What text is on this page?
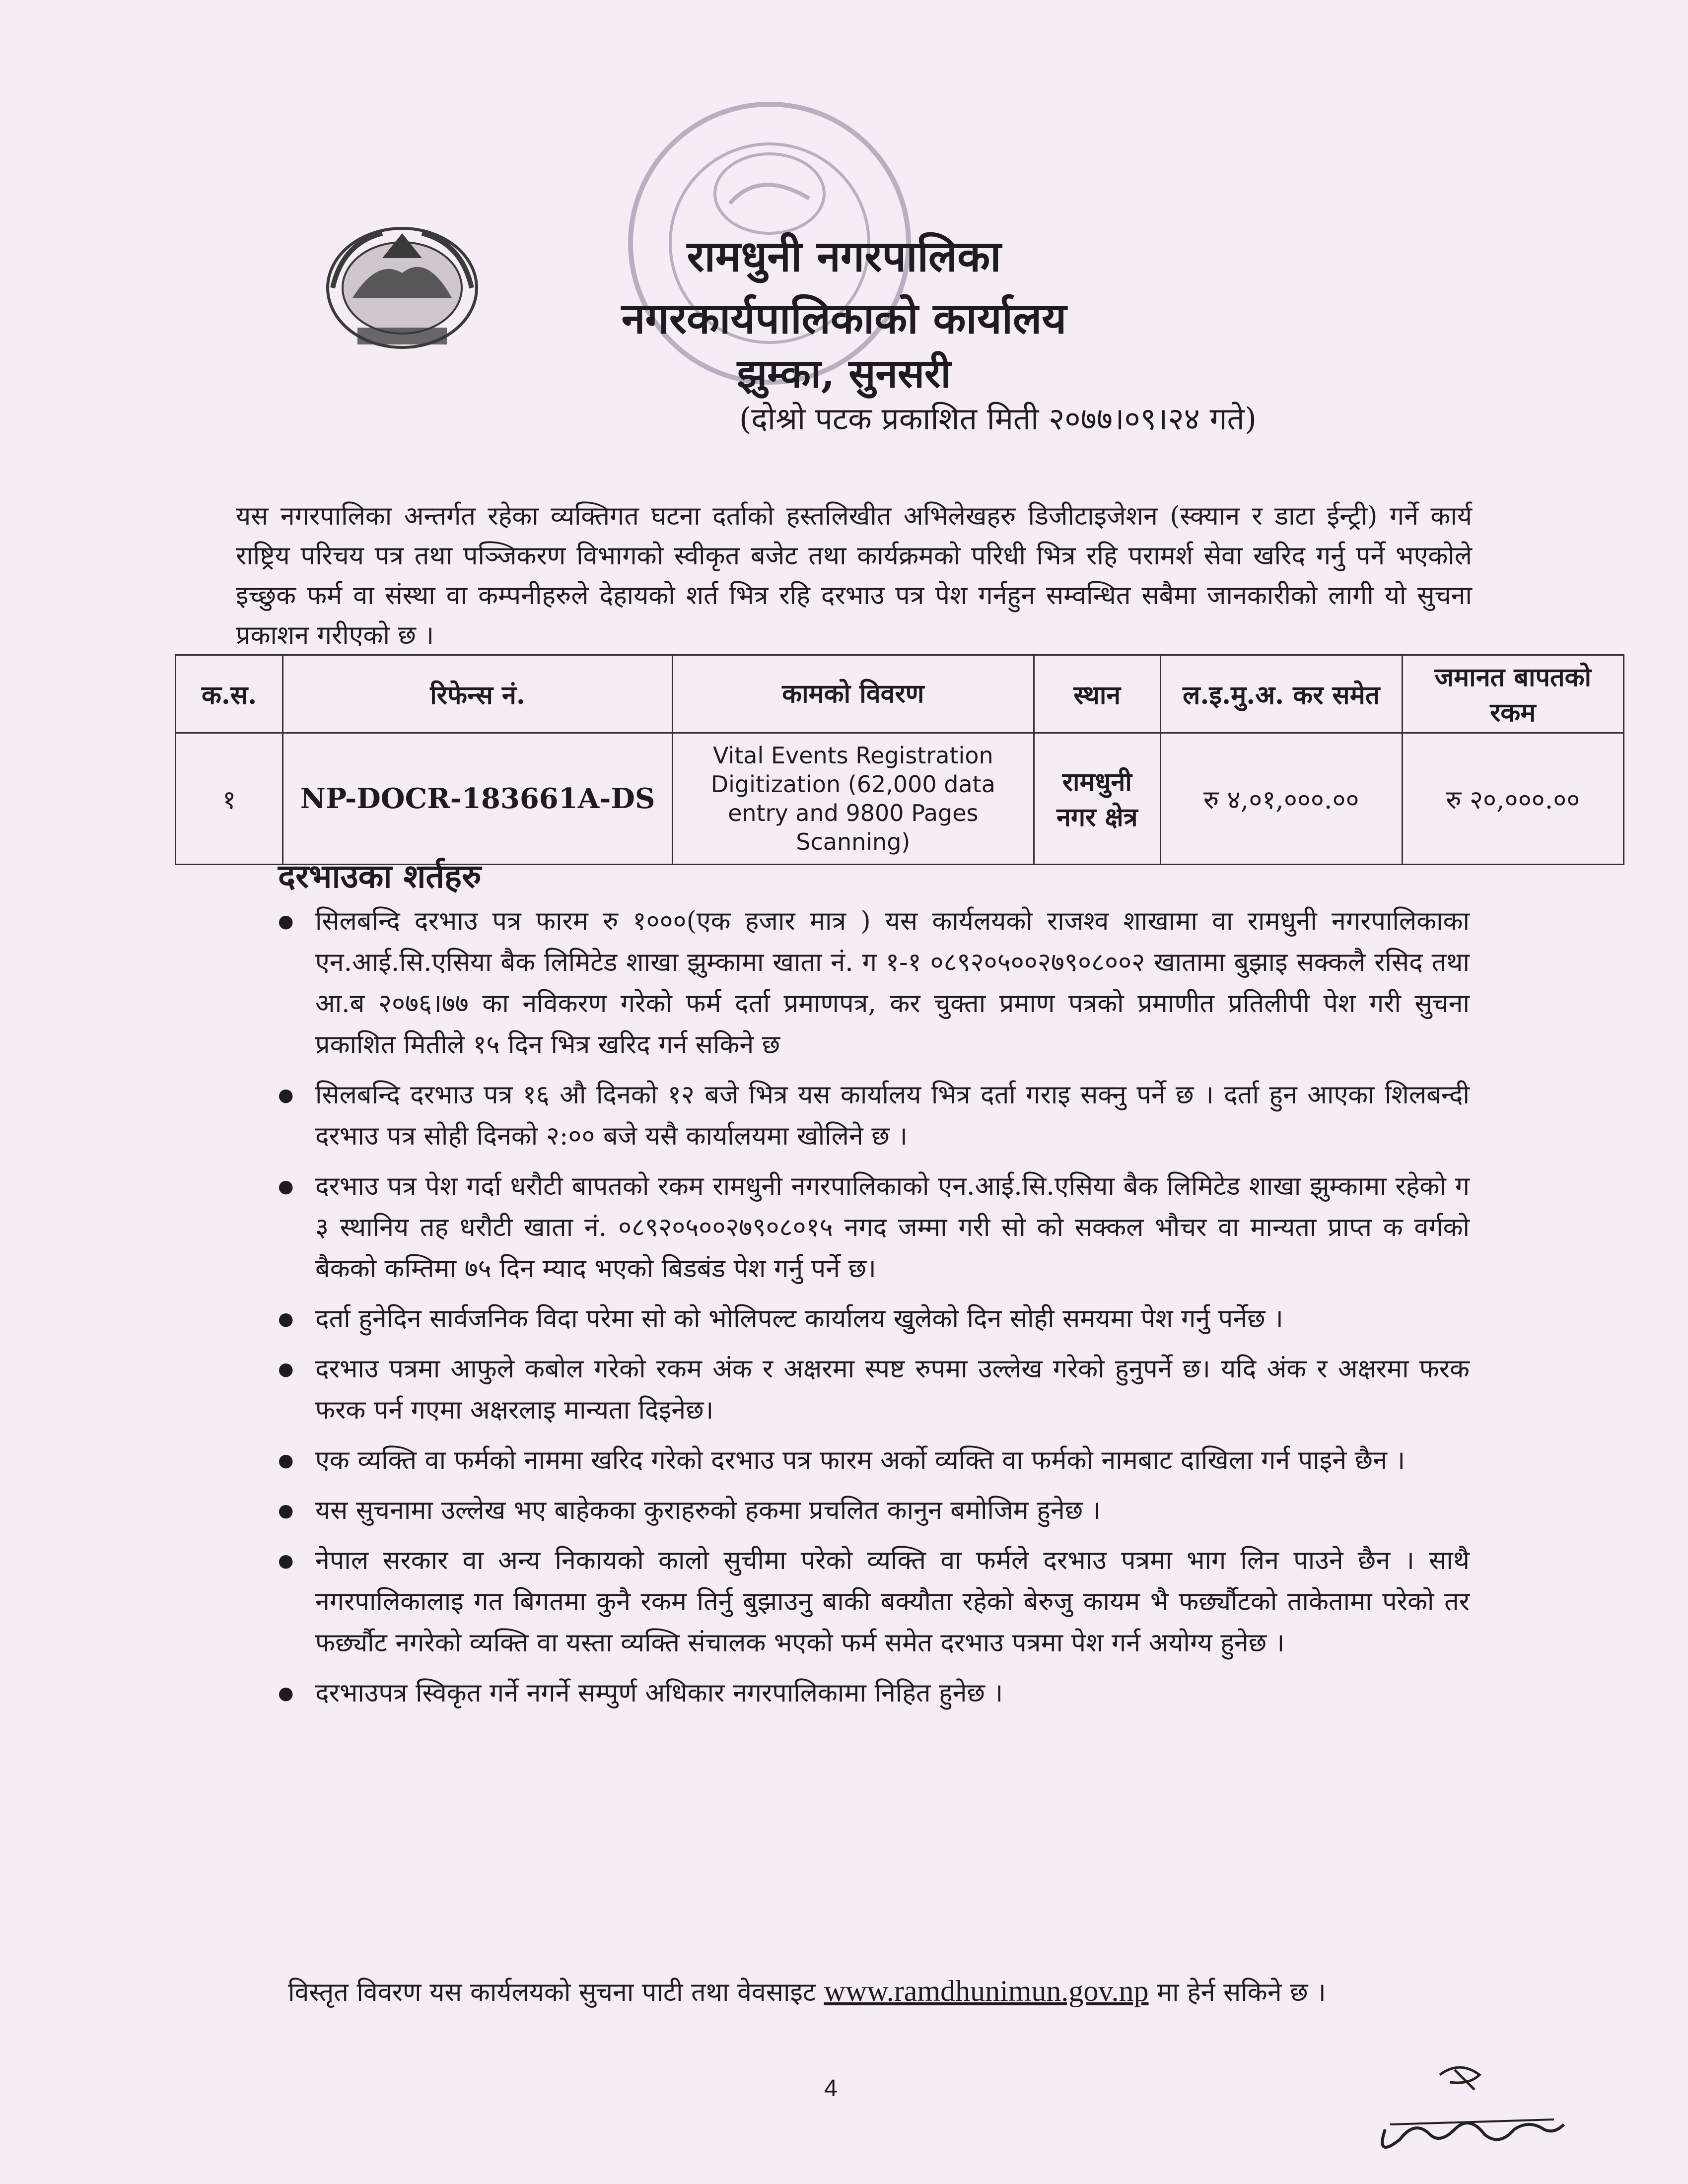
रामधुनी नगरपालिका
नगरकार्यपालिकाको कार्यालय
झुम्का, सुनसरी
(दोश्रो पटक प्रकाशित मिती २०७७।०९।२४ गते)
यस नगरपालिका अन्तर्गत रहेका व्यक्तिगत घटना दर्ताको हस्तलिखीत अभिलेखहरु डिजीटाइजेशन (स्क्यान र डाटा ईन्ट्री) गर्ने कार्य राष्ट्रिय परिचय पत्र तथा पञ्जिकरण विभागको स्वीकृत बजेट तथा कार्यक्रमको परिधी भित्र रहि परामर्श सेवा खरिद गर्नु पर्ने भएकोले इच्छुक फर्म वा संस्था वा कम्पनीहरुले देहायको शर्त भित्र रहि दरभाउ पत्र पेश गर्नहुन सम्वन्धित सबैमा जानकारीको लागी यो सुचना प्रकाशन गरीएको छ ।
क.स.	रिफेन्स नं.	कामको विवरण	स्थान	ल.इ.मु.अ. कर समेत	जमानत बापतको रकम
१	NP-DOCR-183661A-DS	Vital Events Registration Digitization (62,000 data entry and 9800 Pages Scanning)	रामधुनी नगर क्षेत्र	रु ४,०१,०००.००	रु २०,०००.००
दरभाउका शर्तहरु
● सिलबन्दि दरभाउ पत्र फारम रु १०००(एक हजार मात्र ) यस कार्यलयको राजश्व शाखामा वा रामधुनी नगरपालिकाका एन.आई.सि.एसिया बैक लिमिटेड शाखा झुम्कामा खाता नं. ग १-१ ०८९२०५००२७९०८००२ खातामा बुझाइ सक्कलै रसिद तथा आ.ब २०७६।७७ का नविकरण गरेको फर्म दर्ता प्रमाणपत्र, कर चुक्ता प्रमाण पत्रको प्रमाणीत प्रतिलीपी पेश गरी सुचना प्रकाशित मितीले १५ दिन भित्र खरिद गर्न सकिने छ
● सिलबन्दि दरभाउ पत्र १६ औ दिनको १२ बजे भित्र यस कार्यालय भित्र दर्ता गराइ सक्नु पर्ने छ । दर्ता हुन आएका शिलबन्दी दरभाउ पत्र सोही दिनको २:०० बजे यसै कार्यालयमा खोलिने छ ।
● दरभाउ पत्र पेश गर्दा धरौटी बापतको रकम रामधुनी नगरपालिकाको एन.आई.सि.एसिया बैक लिमिटेड शाखा झुम्कामा रहेको ग ३ स्थानिय तह धरौटी खाता नं. ०८९२०५००२७९०८०१५ नगद जम्मा गरी सो को सक्कल भौचर वा मान्यता प्राप्त क वर्गको बैकको कम्तिमा ७५ दिन म्याद भएको बिडबंड पेश गर्नु पर्ने छ।
● दर्ता हुनेदिन सार्वजनिक विदा परेमा सो को भोलिपल्ट कार्यालय खुलेको दिन सोही समयमा पेश गर्नु पर्नेछ ।
● दरभाउ पत्रमा आफुले कबोल गरेको रकम अंक र अक्षरमा स्पष्ट रुपमा उल्लेख गरेको हुनुपर्ने छ। यदि अंक र अक्षरमा फरक फरक पर्न गएमा अक्षरलाइ मान्यता दिइनेछ।
● एक व्यक्ति वा फर्मको नाममा खरिद गरेको दरभाउ पत्र फारम अर्को व्यक्ति वा फर्मको नामबाट दाखिला गर्न पाइने छैन ।
● यस सुचनामा उल्लेख भए बाहेकका कुराहरुको हकमा प्रचलित कानुन बमोजिम हुनेछ ।
● नेपाल सरकार वा अन्य निकायको कालो सुचीमा परेको व्यक्ति वा फर्मले दरभाउ पत्रमा भाग लिन पाउने छैन । साथै नगरपालिकालाइ गत बिगतमा कुनै रकम तिर्नु बुझाउनु बाकी बक्यौता रहेको बेरुजु कायम भै फर्छ्यौटको ताकेतामा परेको तर फर्छ्यौट नगरेको व्यक्ति वा यस्ता व्यक्ति संचालक भएको फर्म समेत दरभाउ पत्रमा पेश गर्न अयोग्य हुनेछ ।
● दरभाउपत्र स्विकृत गर्ने नगर्ने सम्पुर्ण अधिकार नगरपालिकामा निहित हुनेछ ।
विस्तृत विवरण यस कार्यलयको सुचना पाटी तथा वेवसाइट www.ramdhunimun.gov.np मा हेर्न सकिने छ ।
4
